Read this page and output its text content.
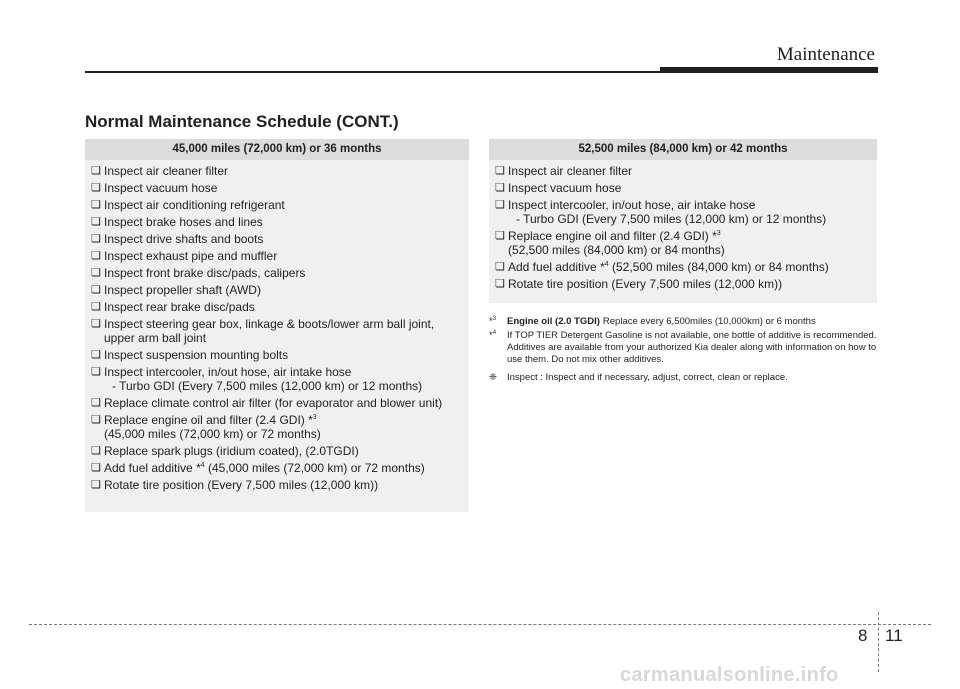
Maintenance
Normal Maintenance Schedule (CONT.)
45,000 miles (72,000 km) or 36 months
❏ Inspect air cleaner filter
❏ Inspect vacuum hose
❏ Inspect air conditioning refrigerant
❏ Inspect brake hoses and lines
❏ Inspect drive shafts and boots
❏ Inspect exhaust pipe and muffler
❏ Inspect front brake disc/pads, calipers
❏ Inspect propeller shaft (AWD)
❏ Inspect rear brake disc/pads
❏ Inspect steering gear box, linkage & boots/lower arm ball joint,
upper arm ball joint
❏ Inspect suspension mounting bolts
❏ Inspect intercooler, in/out hose, air intake hose
- Turbo GDI (Every 7,500 miles (12,000 km) or 12 months)
❏ Replace climate control air filter (for evaporator and blower unit)
❏ Replace engine oil and filter (2.4 GDI) *$^3$
(45,000 miles (72,000 km) or 72 months)
❏ Replace spark plugs (iridium coated), (2.0TGDI)
❏ Add fuel additive *$^4$ (45,000 miles (72,000 km) or 72 months)
❏ Rotate tire position (Every 7,500 miles (12,000 km))
52,500 miles (84,000 km) or 42 months
❏ Inspect air cleaner filter
❏ Inspect vacuum hose
❏ Inspect intercooler, in/out hose, air intake hose
- Turbo GDI (Every 7,500 miles (12,000 km) or 12 months)
❏ Replace engine oil and filter (2.4 GDI) *$^3$
(52,500 miles (84,000 km) or 84 months)
❏ Add fuel additive *$^4$ (52,500 miles (84,000 km) or 84 months)
❏ Rotate tire position (Every 7,500 miles (12,000 km))
*$^3$	Engine oil (2.0 TGDI) Replace every 6,500miles (10,000km) or 6 months
*$^4$	If TOP TIER Detergent Gasoline is not available, one bottle of additive is recommended. Additives are available from your authorized Kia dealer along with information on how to use them. Do not mix other additives.
❈	Inspect : Inspect and if necessary, adjust, correct, clean or replace.
8 11
carmanualsonline.info
